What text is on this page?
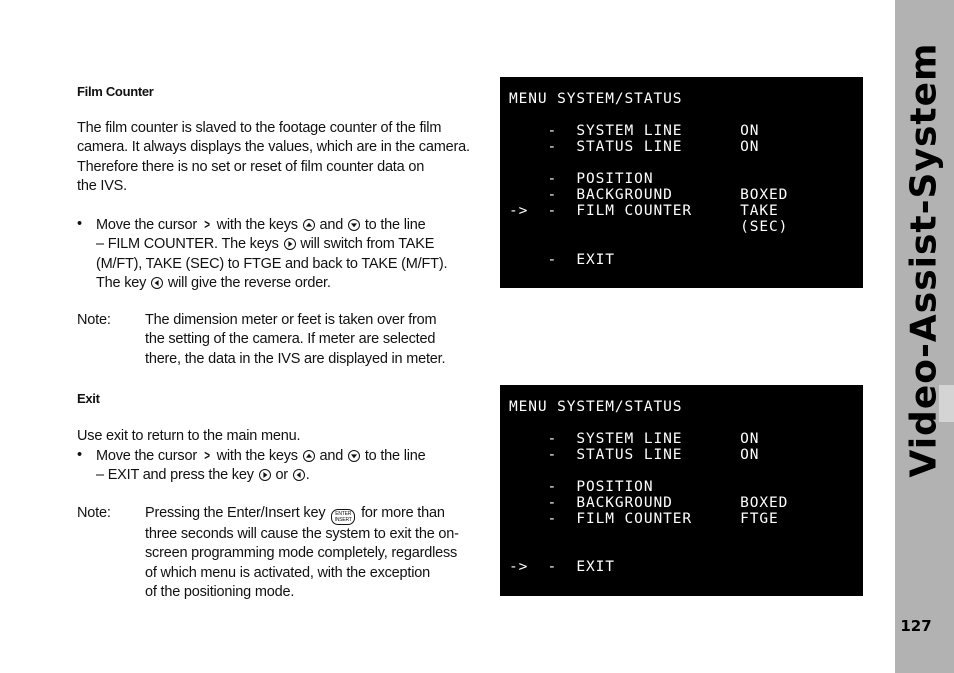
Video-Assist-System
127
Film Counter
The film counter is slaved to the footage counter of the film
camera. It always displays the values, which are in the camera.
Therefore there is no set or reset of film counter data on
the IVS.
• Move the cursor > with the keys and to the line
– FILM COUNTER. The keys will switch from TAKE
(M/FT), TAKE (SEC) to FTGE and back to TAKE (M/FT).
The key will give the reverse order.
Note: The dimension meter or feet is taken over from
the setting of the camera. If meter are selected
there, the data in the IVS are displayed in meter.
Exit
Use exit to return to the main menu.
• Move the cursor > with the keys and to the line
– EXIT and press the key or .
Note: Pressing the Enter/Insert key ENTER
INSERT for more than
three seconds will cause the system to exit the on-
screen programming mode completely, regardless
of which menu is activated, with the exception
of the positioning mode.
MENU SYSTEM/STATUS
-  SYSTEM LINE      ON
-  STATUS LINE      ON
-  POSITION
-  BACKGROUND       BOXED
->  -  FILM COUNTER     TAKE
(SEC)
-  EXIT
MENU SYSTEM/STATUS
-  SYSTEM LINE      ON
-  STATUS LINE      ON
-  POSITION
-  BACKGROUND       BOXED
-  FILM COUNTER     FTGE
->  -  EXIT
